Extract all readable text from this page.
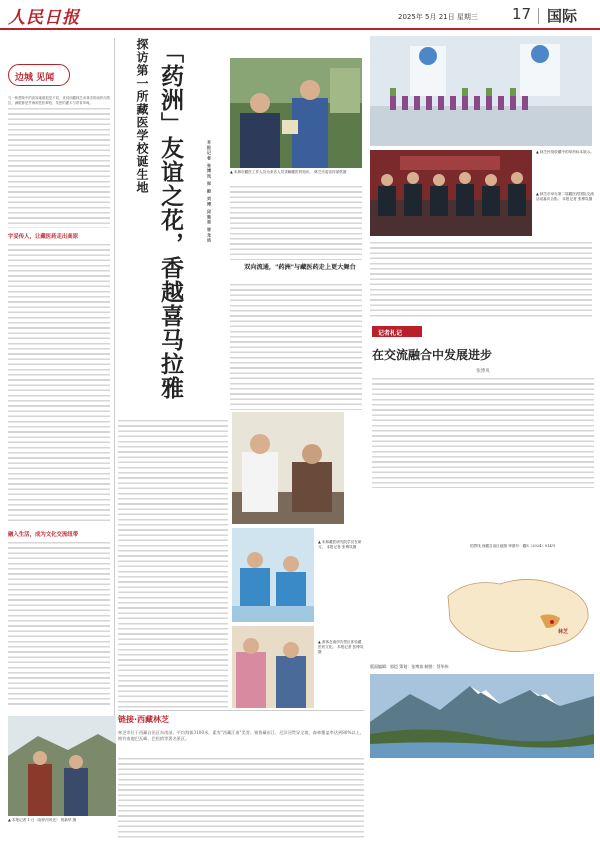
人民日报	2025年 5月 21日 星期三 17 国际
边城 见闻
与一般想象中的高原地貌很是不同，来到西藏林芝米林市的南伊沟景区，满眼都是竹海和苍松翠柏，茂密的灌木与青青草甸。
宇妥传人，让藏医药走出高原
融入生活，成为文化交流纽带
探访第一所藏医学校诞生地 「药洲」友谊之花，香越喜马拉雅	本报记者 张博岚 郑 毅 刘博 邱楚昊 晋龙洁	▲ 米林市藏医工作人员为来访人员讲解藏医药知识。 林芝市委宣传部供图
▲ 林芝民俗收藏中的草药标本展示。
▲ 林芝市举办第二届藏医药国际交流活动嘉宾合影。 本报记者 张博岚摄
双向流通，"药洲"与藏医药走上更大舞台
▲ 米林藏医研究院学员在研习。 本报记者 张博岚摄
▲ 游客在南伊沟景区体验藏医药文化。 本报记者 张博岚摄
记者札记
在交流融合中发展进步
张博岚
国界线 西藏自治区地图 审图号：藏S（2024）014号
林芝
版面编辑：郭恺 策划：张博岚 制图：蔡华伟
▲ 本报记者 1 日（南伊沟风光） 郭新华 摄
链接·西藏林芝
林芝市位于西藏自治区东南部，平均海拔3100米，素有"西藏江南"美誉。雅鲁藏布江、尼洋河贯穿全境，森林覆盖率达到80%以上，拥有南迦巴瓦峰、巴松措等著名景区。
